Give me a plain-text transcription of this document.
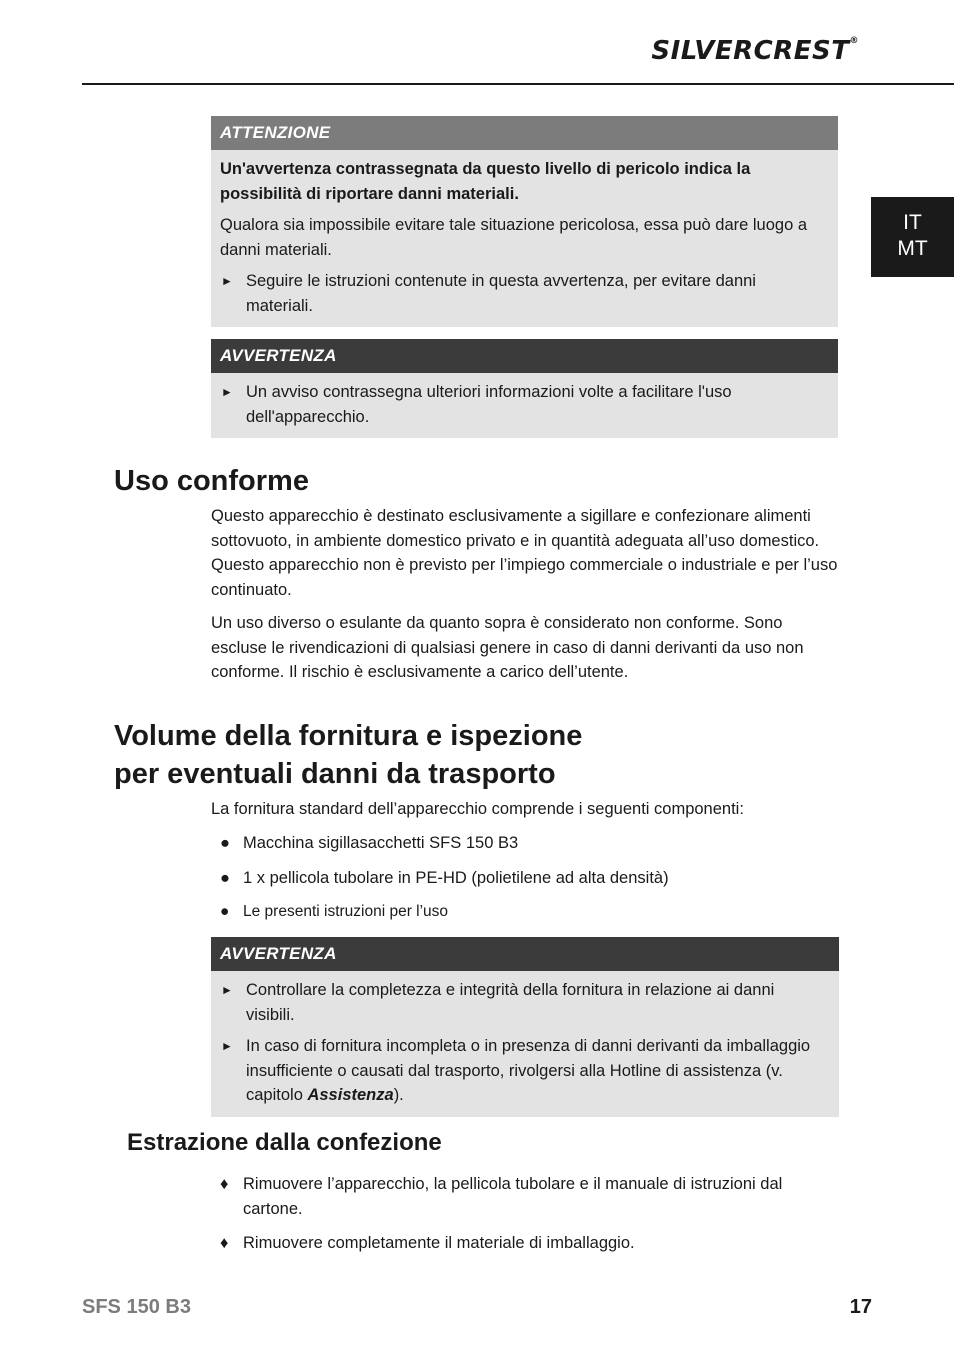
SILVERCREST®
IT
MT
ATTENZIONE

Un'avvertenza contrassegnata da questo livello di pericolo indica la possibilità di riportare danni materiali.

Qualora sia impossibile evitare tale situazione pericolosa, essa può dare luogo a danni materiali.

► Seguire le istruzioni contenute in questa avvertenza, per evitare danni materiali.
AVVERTENZA
► Un avviso contrassegna ulteriori informazioni volte a facilitare l'uso dell'apparecchio.
Uso conforme

Questo apparecchio è destinato esclusivamente a sigillare e confezionare alimenti sottovuoto, in ambiente domestico privato e in quantità adeguata all’uso domestico. Questo apparecchio non è previsto per l’impiego commerciale o industriale e per l’uso continuato.

Un uso diverso o esulante da quanto sopra è considerato non conforme. Sono escluse le rivendicazioni di qualsiasi genere in caso di danni derivanti da uso non conforme. Il rischio è esclusivamente a carico dell’utente.

Volume della fornitura e ispezione
per eventuali danni da trasporto

La fornitura standard dell’apparecchio comprende i seguenti componenti:

● Macchina sigillasacchetti SFS 150 B3
● 1 x pellicola tubolare in PE-HD (polietilene ad alta densità)
● Le presenti istruzioni per l’uso
AVVERTENZA
► Controllare la completezza e integrità della fornitura in relazione ai danni visibili.
► In caso di fornitura incompleta o in presenza di danni derivanti da imballaggio insufficiente o causati dal trasporto, rivolgersi alla Hotline di assistenza (v. capitolo Assistenza).
Estrazione dalla confezione
♦ Rimuovere l’apparecchio, la pellicola tubolare e il manuale di istruzioni dal cartone.
♦ Rimuovere completamente il materiale di imballaggio.
SFS 150 B3	17
